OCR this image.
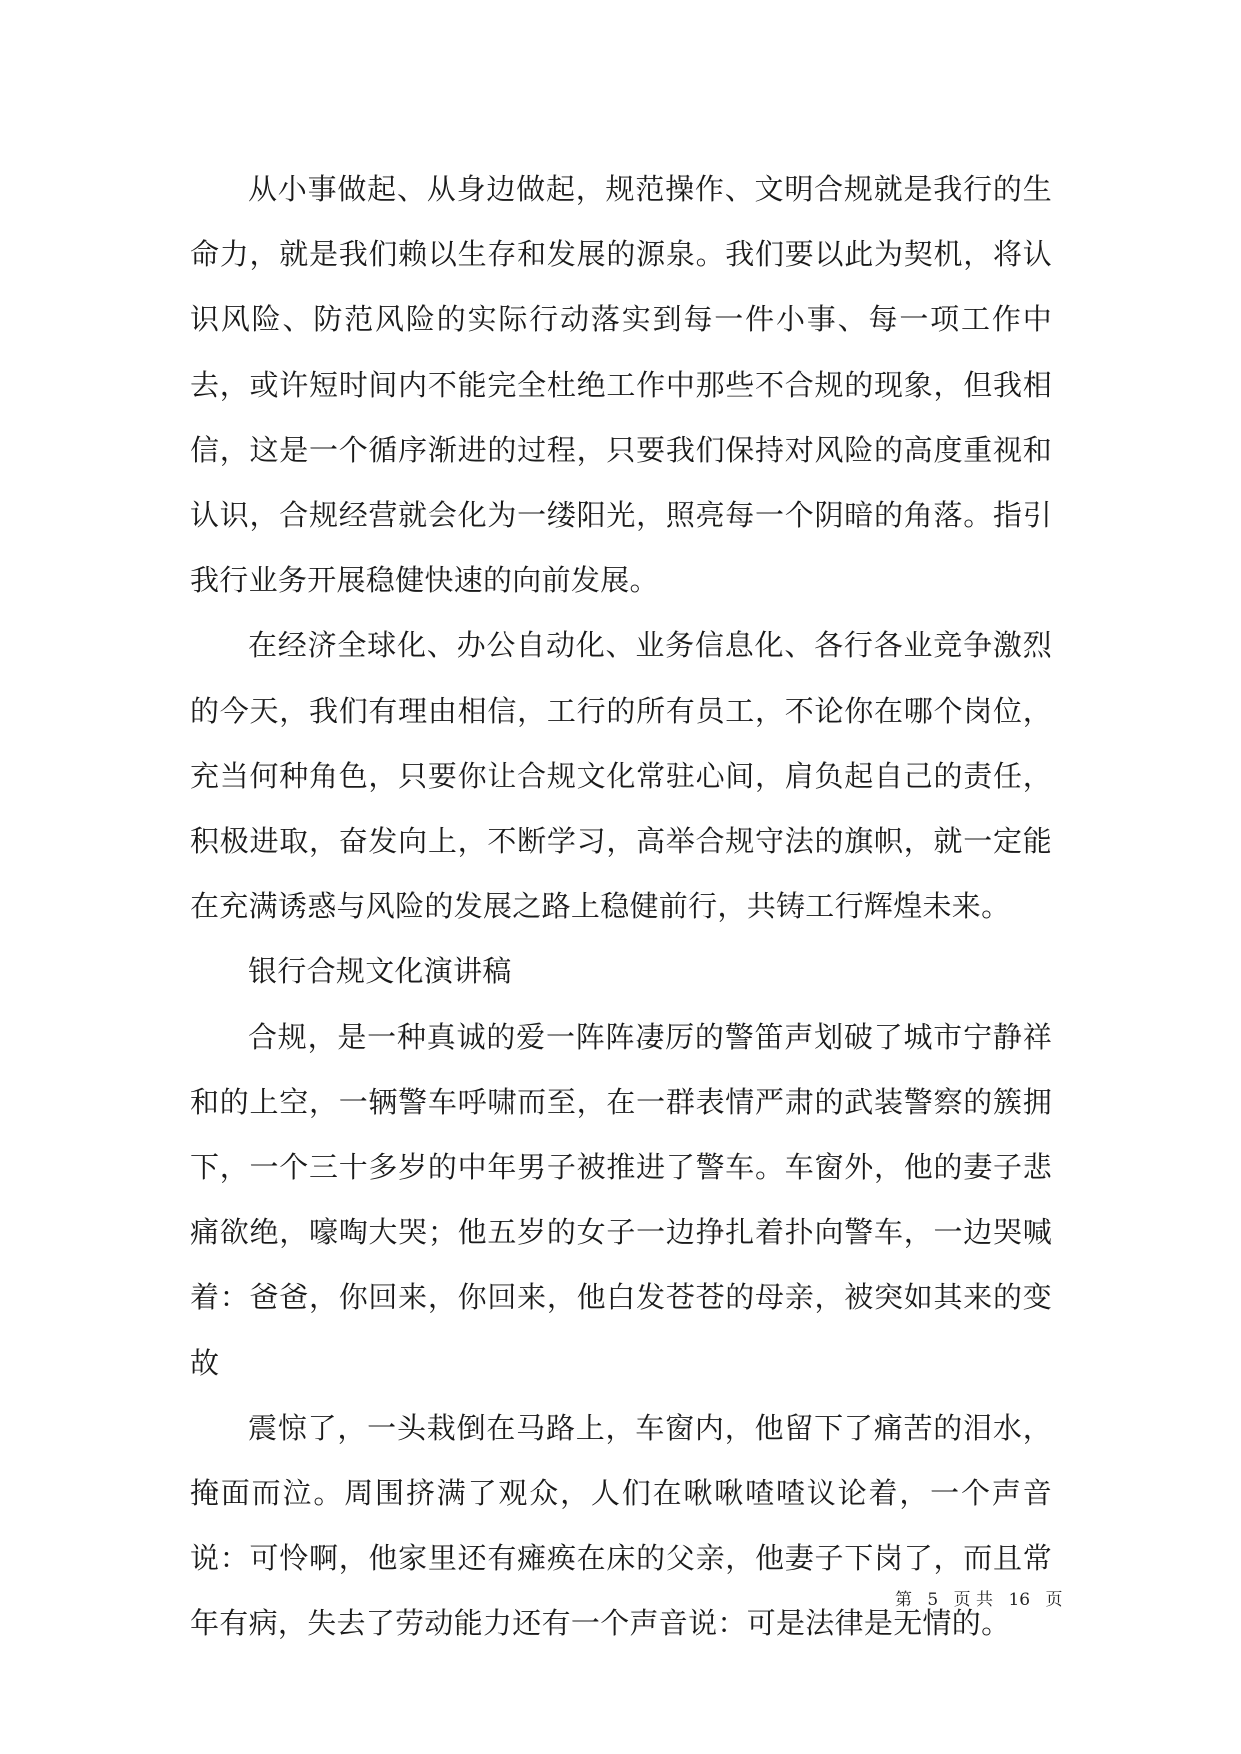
从小事做起、从身边做起，规范操作、文明合规就是我行的生命力，就是我们赖以生存和发展的源泉。我们要以此为契机，将认识风险、防范风险的实际行动落实到每一件小事、每一项工作中去，或许短时间内不能完全杜绝工作中那些不合规的现象，但我相信，这是一个循序渐进的过程，只要我们保持对风险的高度重视和认识，合规经营就会化为一缕阳光，照亮每一个阴暗的角落。指引我行业务开展稳健快速的向前发展。

在经济全球化、办公自动化、业务信息化、各行各业竞争激烈的今天，我们有理由相信，工行的所有员工，不论你在哪个岗位，充当何种角色，只要你让合规文化常驻心间，肩负起自己的责任，积极进取，奋发向上，不断学习，高举合规守法的旗帜，就一定能在充满诱惑与风险的发展之路上稳健前行，共铸工行辉煌未来。

银行合规文化演讲稿

合规，是一种真诚的爱一阵阵凄厉的警笛声划破了城市宁静祥和的上空，一辆警车呼啸而至，在一群表情严肃的武装警察的簇拥下，一个三十多岁的中年男子被推进了警车。车窗外，他的妻子悲痛欲绝，嚎啕大哭；他五岁的女子一边挣扎着扑向警车，一边哭喊着：爸爸，你回来，你回来，他白发苍苍的母亲，被突如其来的变故

震惊了，一头栽倒在马路上，车窗内，他留下了痛苦的泪水，掩面而泣。周围挤满了观众，人们在啾啾喳喳议论着，一个声音说：可怜啊，他家里还有瘫痪在床的父亲，他妻子下岗了，而且常年有病，失去了劳动能力还有一个声音说：可是法律是无情的。

第 5 页 共 16 页
